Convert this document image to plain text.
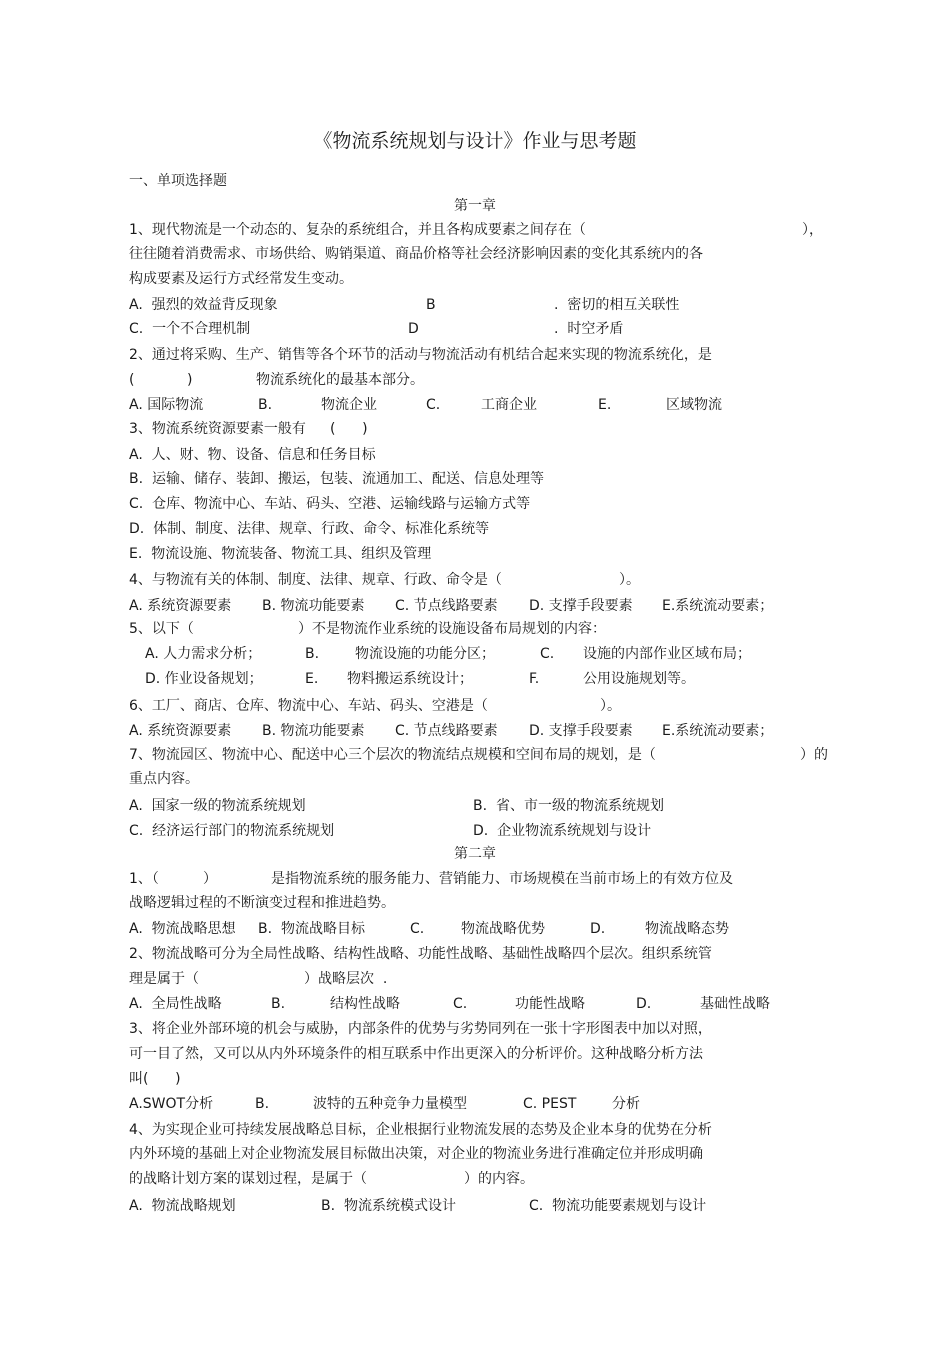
《物流系统规划与设计》作业与思考题
一、单项选择题
第一章
1、现代物流是一个动态的、复杂的系统组合，并且各构成要素之间存在（	），
往往随着消费需求、市场供给、购销渠道、商品价格等社会经济影响因素的变化其系统内的各
构成要素及运行方式经常发生变动。
A.  强烈的效益背反现象	B	.  密切的相互关联性
C.  一个不合理机制	D	.  时空矛盾
2、通过将采购、生产、销售等各个环节的活动与物流活动有机结合起来实现的物流系统化，是
(	)	物流系统化的最基本部分。
A. 国际物流	B.	物流企业	C.	工商企业	E.	区域物流
3、物流系统资源要素一般有 (      )
A.  人、财、物、设备、信息和任务目标
B.  运输、储存、装卸、搬运，包装、流通加工、配送、信息处理等
C.  仓库、物流中心、车站、码头、空港、运输线路与运输方式等
D.  体制、制度、法律、规章、行政、命令、标准化系统等
E.  物流设施、物流装备、物流工具、组织及管理
4、与物流有关的体制、制度、法律、规章、行政、命令是（	）。
A. 系统资源要素 B. 物流功能要素 C. 节点线路要素 D. 支撑手段要素 E.系统流动要素；
5、以下（	）不是物流作业系统的设施设备布局规划的内容：
A. 人力需求分析；	B.	物流设施的功能分区；	C. 设施的内部作业区域布局；
D. 作业设备规划；	E. 物料搬运系统设计；	F.	公用设施规划等。
6、工厂、商店、仓库、物流中心、车站、码头、空港是（	）。
A. 系统资源要素 B. 物流功能要素 C. 节点线路要素 D. 支撑手段要素 E.系统流动要素；
7、物流园区、物流中心、配送中心三个层次的物流结点规模和空间布局的规划，是（	）的
重点内容。
A.  国家一级的物流系统规划	B.  省、市一级的物流系统规划
C.  经济运行部门的物流系统规划	D.  企业物流系统规划与设计
第二章
1、（	）	是指物流系统的服务能力、营销能力、市场规模在当前市场上的有效方位及
战略逻辑过程的不断演变过程和推进趋势。
A.  物流战略思想 B.  物流战略目标	C.	物流战略优势	D.	物流战略态势
2、物流战略可分为全局性战略、结构性战略、功能性战略、基础性战略四个层次。组织系统管
理是属于（	）战略层次  .
A.  全局性战略	B.	结构性战略	C.	功能性战略	D.	基础性战略
3、将企业外部环境的机会与威胁，内部条件的优势与劣势同列在一张十字形图表中加以对照，
可一目了然，又可以从内外环境条件的相互联系中作出更深入的分析评价。这种战略分析方法
叫(      )
A.SWOT分析	B.	波特的五种竞争力量模型	C. PEST	分析
4、为实现企业可持续发展战略总目标，企业根据行业物流发展的态势及企业本身的优势在分析
内外环境的基础上对企业物流发展目标做出决策，对企业的物流业务进行准确定位并形成明确
的战略计划方案的谋划过程，是属于（	）的内容。
A.  物流战略规划	B.  物流系统模式设计	C.  物流功能要素规划与设计
